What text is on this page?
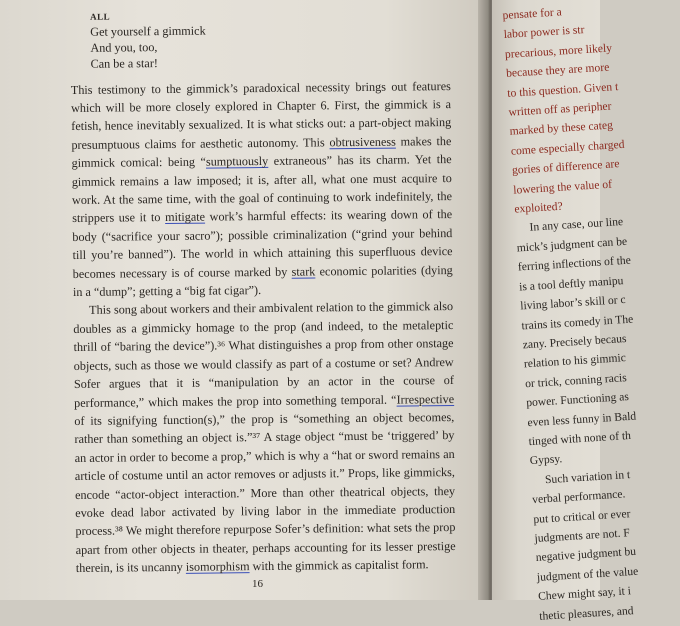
ALL
Get yourself a gimmick
And you, too,
Can be a star!

This testimony to the gimmick’s paradoxical necessity brings out features which will be more closely explored in Chapter 6. First, the gimmick is a fetish, hence inevitably sexualized. It is what sticks out: a part-object making presumptuous claims for aesthetic autonomy. This obtrusiveness makes the gimmick comical: being “sumptuously extraneous” has its charm. Yet the gimmick remains a law imposed; it is, after all, what one must acquire to work. At the same time, with the goal of continuing to work indefinitely, the strippers use it to mitigate work’s harmful effects: its wearing down of the body (“sacrifice your sacro”); possible criminalization (“grind your behind till you’re banned”). The world in which attaining this superfluous device becomes necessary is of course marked by stark economic polarities (dying in a “dump”; getting a “big fat cigar”).

This song about workers and their ambivalent relation to the gimmick also doubles as a gimmicky homage to the prop (and indeed, to the metaleptic thrill of “baring the device”).³⁶ What distinguishes a prop from other onstage objects, such as those we would classify as part of a costume or set? Andrew Sofer argues that it is “manipulation by an actor in the course of performance,” which makes the prop into something temporal. “Irrespective of its signifying function(s),” the prop is “something an object becomes, rather than something an object is.”³⁷ A stage object “must be ‘triggered’ by an actor in order to become a prop,” which is why a “hat or sword remains an article of costume until an actor removes or adjusts it.” Props, like gimmicks, encode “actor-object interaction.” More than other theatrical objects, they evoke dead labor activated by living labor in the immediate production process.³⁸ We might therefore repurpose Sofer’s definition: what sets the prop apart from other objects in theater, perhaps accounting for its lesser prestige therein, is its uncanny isomorphism with the gimmick as capitalist form.

16
pensate for a
labor power is str
precarious, more likely
because they are more
to this question. Given t
written off as peripher
marked by these categ
come especially charged
gories of difference are
lowering the value of
exploited?
In any case, our line
mick’s judgment can be
ferring inflections of the
is a tool deftly manipu
living labor’s skill or c
trains its comedy in The
zany. Precisely becaus
relation to his gimmic
or trick, conning racis
power. Functioning as
even less funny in Bald
tinged with none of th
Gypsy.
Such variation in t
verbal performance.
put to critical or ever
judgments are not. F
negative judgment bu
judgment of the value
Chew might say, it i
thetic pleasures, and
